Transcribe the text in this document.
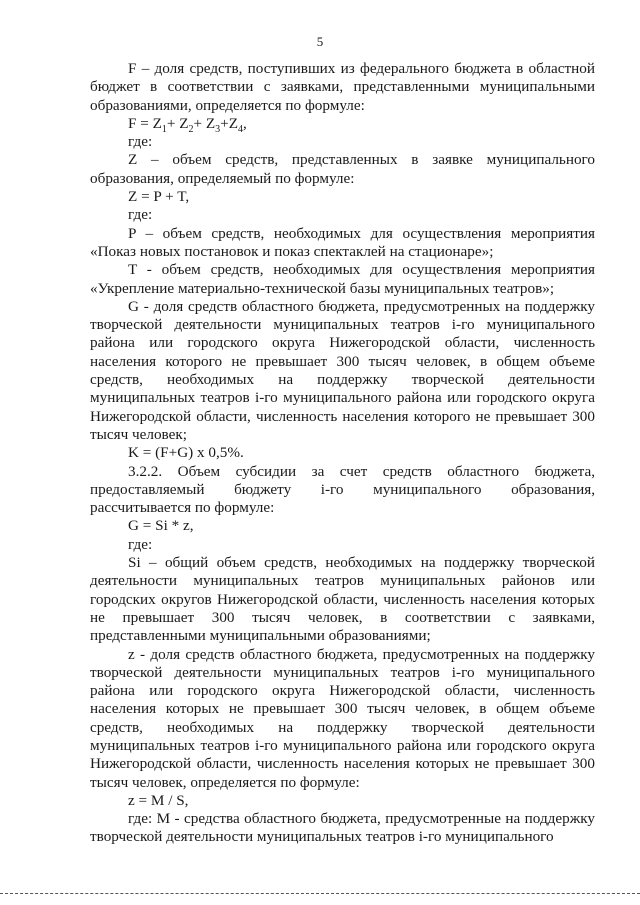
5

F – доля средств, поступивших из федерального бюджета в областной бюджет в соответствии с заявками, представленными муниципальными образованиями, определяется по формуле:

$F = Z_1+ Z_2+ Z_3+Z_4$,

где:

Z – объем средств, представленных в заявке муниципального образования, определяемый по формуле:

Z = P + T,

где:

P – объем средств, необходимых для осуществления мероприятия «Показ новых постановок и показ спектаклей на стационаре»;

T - объем средств, необходимых для осуществления мероприятия «Укрепление материально-технической базы муниципальных театров»;

G - доля средств областного бюджета, предусмотренных на поддержку творческой деятельности муниципальных театров i-го муниципального района или городского округа Нижегородской области, численность населения которого не превышает 300 тысяч человек, в общем объеме средств, необходимых на поддержку творческой деятельности муниципальных театров i-го муниципального района или городского округа Нижегородской области, численность населения которого не превышает 300 тысяч человек;

K = (F+G) x 0,5%.

3.2.2. Объем субсидии за счет средств областного бюджета, предоставляемый бюджету i-го муниципального образования, рассчитывается по формуле:

G = Si * z,

где:

Si – общий объем средств, необходимых на поддержку творческой деятельности муниципальных театров муниципальных районов или городских округов Нижегородской области, численность населения которых не превышает 300 тысяч человек, в соответствии с заявками, представленными муниципальными образованиями;

z - доля средств областного бюджета, предусмотренных на поддержку творческой деятельности муниципальных театров i-го муниципального района или городского округа Нижегородской области, численность населения которых не превышает 300 тысяч человек, в общем объеме средств, необходимых на поддержку творческой деятельности муниципальных театров i-го муниципального района или городского округа Нижегородской области, численность населения которых не превышает 300 тысяч человек, определяется по формуле:

z = M / S,

где: M - средства областного бюджета, предусмотренные на поддержку творческой деятельности муниципальных театров i-го муниципального
